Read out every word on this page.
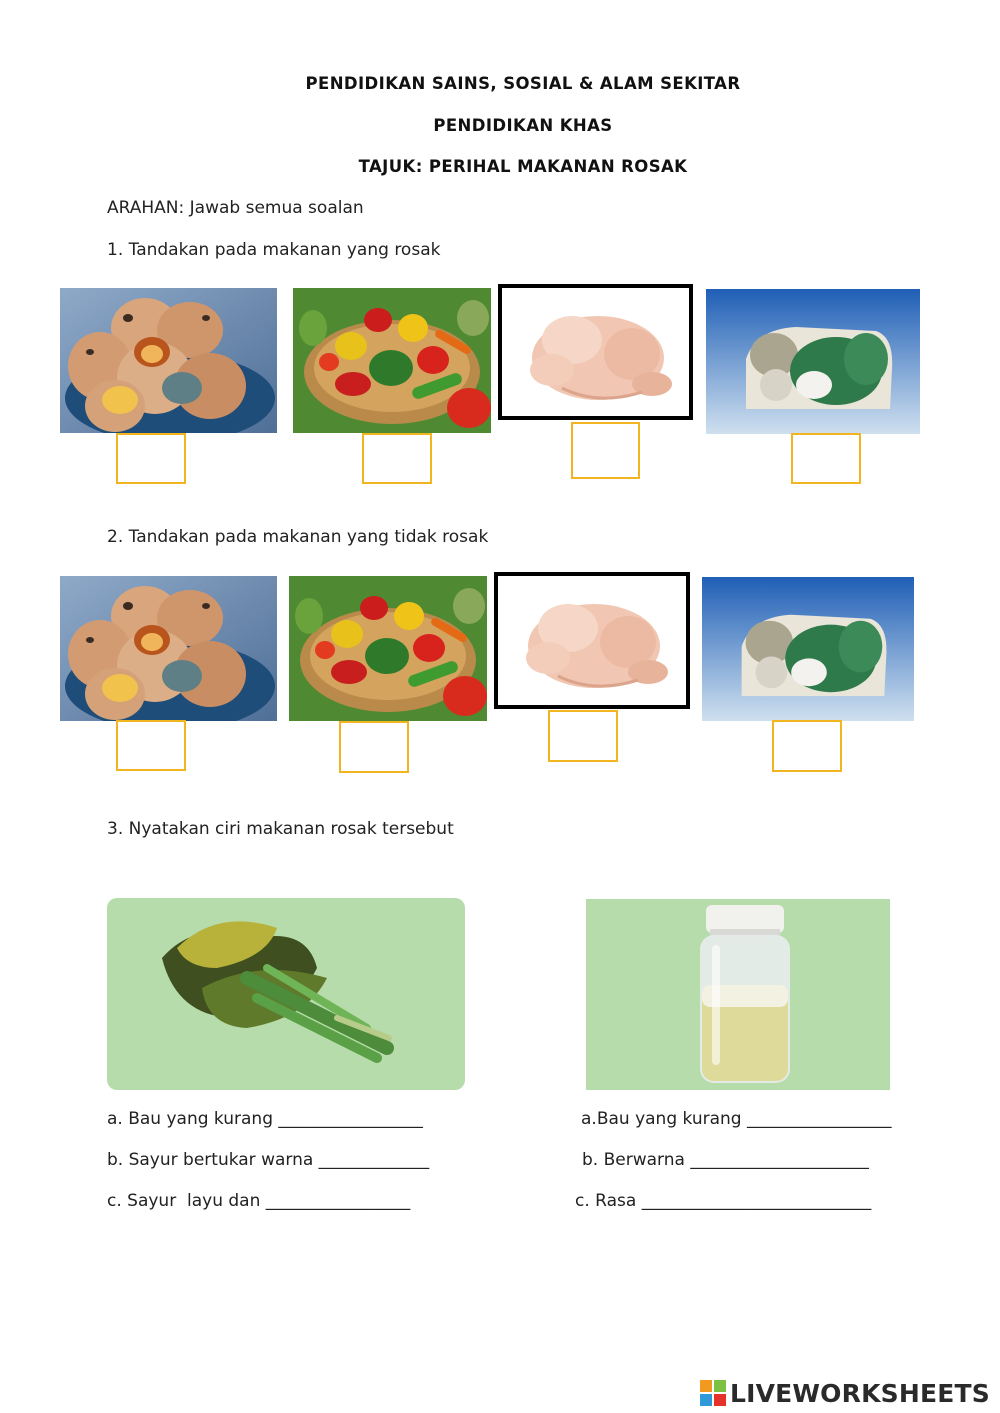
PENDIDIKAN SAINS, SOSIAL & ALAM SEKITAR
PENDIDIKAN KHAS
TAJUK: PERIHAL MAKANAN ROSAK
ARAHAN: Jawab semua soalan
1. Tandakan pada makanan yang rosak
2. Tandakan pada makanan yang tidak rosak
3. Nyatakan ciri makanan rosak tersebut
a. Bau yang kurang _________________
b. Sayur bertukar warna _____________
c. Sayur  layu dan _________________
a.Bau yang kurang _________________
b. Berwarna _____________________
c. Rasa ___________________________
LIVEWORKSHEETS
